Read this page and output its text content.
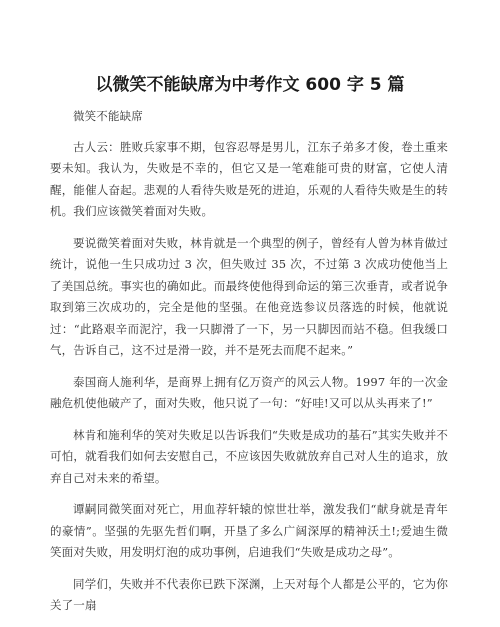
以微笑不能缺席为中考作文 600 字 5 篇

微笑不能缺席

古人云：胜败兵家事不期，包容忍辱是男儿，江东子弟多才俊，卷土重来要未知。我认为，失败是不幸的，但它又是一笔难能可贵的财富，它使人清醒，能催人奋起。悲观的人看待失败是死的进迫，乐观的人看待失败是生的转机。我们应该微笑着面对失败。

要说微笑着面对失败，林肯就是一个典型的例子，曾经有人曾为林肯做过统计，说他一生只成功过 3 次，但失败过 35 次，不过第 3 次成功使他当上了美国总统。事实也的确如此。而最终使他得到命运的第三次垂青，或者说争取到第三次成功的，完全是他的坚强。在他竞选参议员落选的时候，他就说过：“此路艰辛而泥泞，我一只脚滑了一下，另一只脚因而站不稳。但我缓口气，告诉自己，这不过是滑一跤，并不是死去而爬不起来。”

泰国商人施利华，是商界上拥有亿万资产的风云人物。1997 年的一次金融危机使他破产了，面对失败，他只说了一句：“好哇!又可以从头再来了!”

林肯和施利华的笑对失败足以告诉我们“失败是成功的基石”其实失败并不可怕，就看我们如何去安慰自己，不应该因失败就放弃自己对人生的追求，放弃自己对未来的希望。

谭嗣同微笑面对死亡，用血荐轩辕的惊世壮举，激发我们“献身就是青年的豪情”。坚强的先驱先哲们啊，开垦了多么广阔深厚的精神沃土!;爱迪生微笑面对失败，用发明灯泡的成功事例，启迪我们“失败是成功之母”。

同学们，失败并不代表你已跌下深渊，上天对每个人都是公平的，它为你关了一扇
